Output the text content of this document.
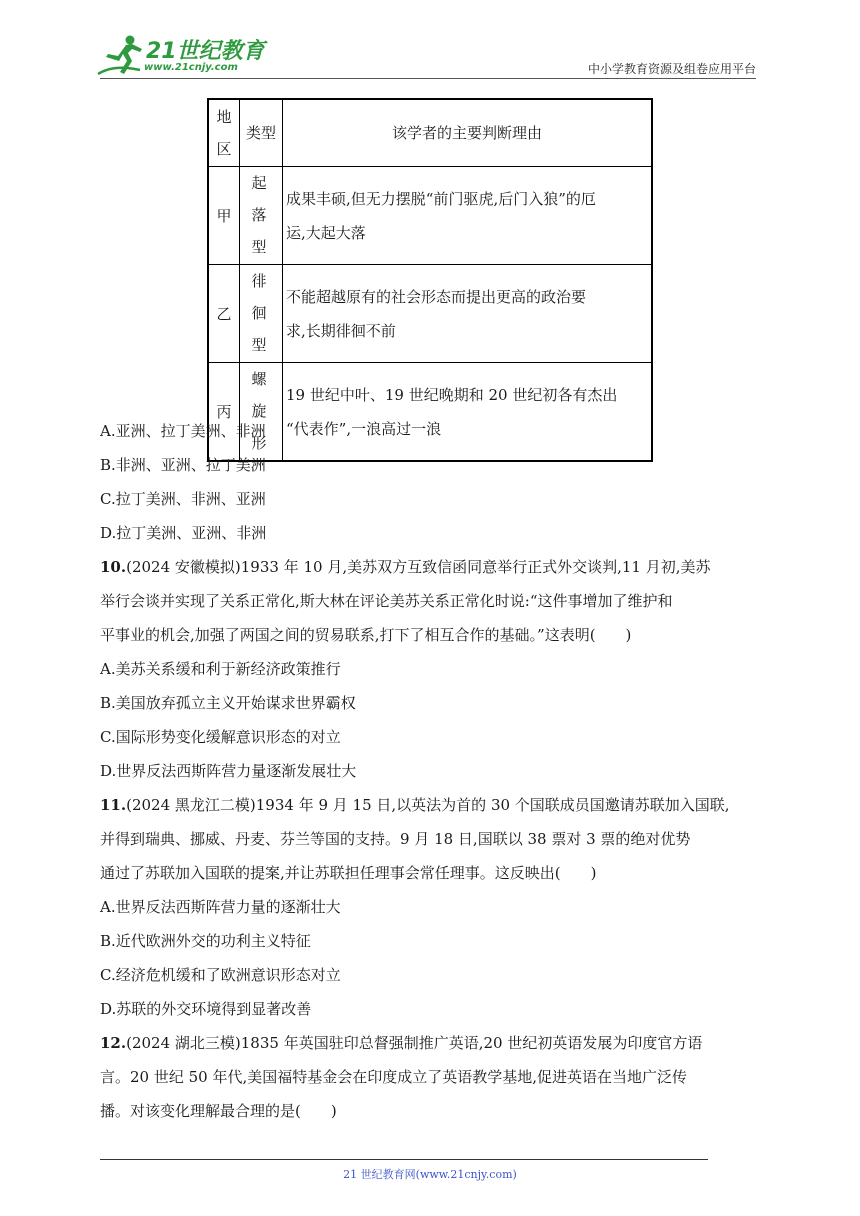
21世纪教育
www.21cnjy.com	中小学教育资源及组卷应用平台
地区	类型	该学者的主要判断理由
甲	起落型	成果丰硕,但无力摆脱“前门驱虎,后门入狼”的厄
运,大起大落

乙	徘徊型	不能超越原有的社会形态而提出更高的政治要
求,长期徘徊不前

丙	螺旋形	19 世纪中叶、19 世纪晚期和 20 世纪初各有杰出
“代表作”,一浪高过一浪
A.亚洲、拉丁美洲、非洲
B.非洲、亚洲、拉丁美洲
C.拉丁美洲、非洲、亚洲
D.拉丁美洲、亚洲、非洲
10.(2024 安徽模拟)1933 年 10 月,美苏双方互致信函同意举行正式外交谈判,11 月初,美苏
举行会谈并实现了关系正常化,斯大林在评论美苏关系正常化时说:“这件事增加了维护和
平事业的机会,加强了两国之间的贸易联系,打下了相互合作的基础。”这表明(　　)
A.美苏关系缓和利于新经济政策推行
B.美国放弃孤立主义开始谋求世界霸权
C.国际形势变化缓解意识形态的对立
D.世界反法西斯阵营力量逐渐发展壮大
11.(2024 黑龙江二模)1934 年 9 月 15 日,以英法为首的 30 个国联成员国邀请苏联加入国联,
并得到瑞典、挪威、丹麦、芬兰等国的支持。9 月 18 日,国联以 38 票对 3 票的绝对优势
通过了苏联加入国联的提案,并让苏联担任理事会常任理事。这反映出(　　)
A.世界反法西斯阵营力量的逐渐壮大
B.近代欧洲外交的功利主义特征
C.经济危机缓和了欧洲意识形态对立
D.苏联的外交环境得到显著改善
12.(2024 湖北三模)1835 年英国驻印总督强制推广英语,20 世纪初英语发展为印度官方语
言。20 世纪 50 年代,美国福特基金会在印度成立了英语教学基地,促进英语在当地广泛传
播。对该变化理解最合理的是(　　)
21 世纪教育网(www.21cnjy.com)
